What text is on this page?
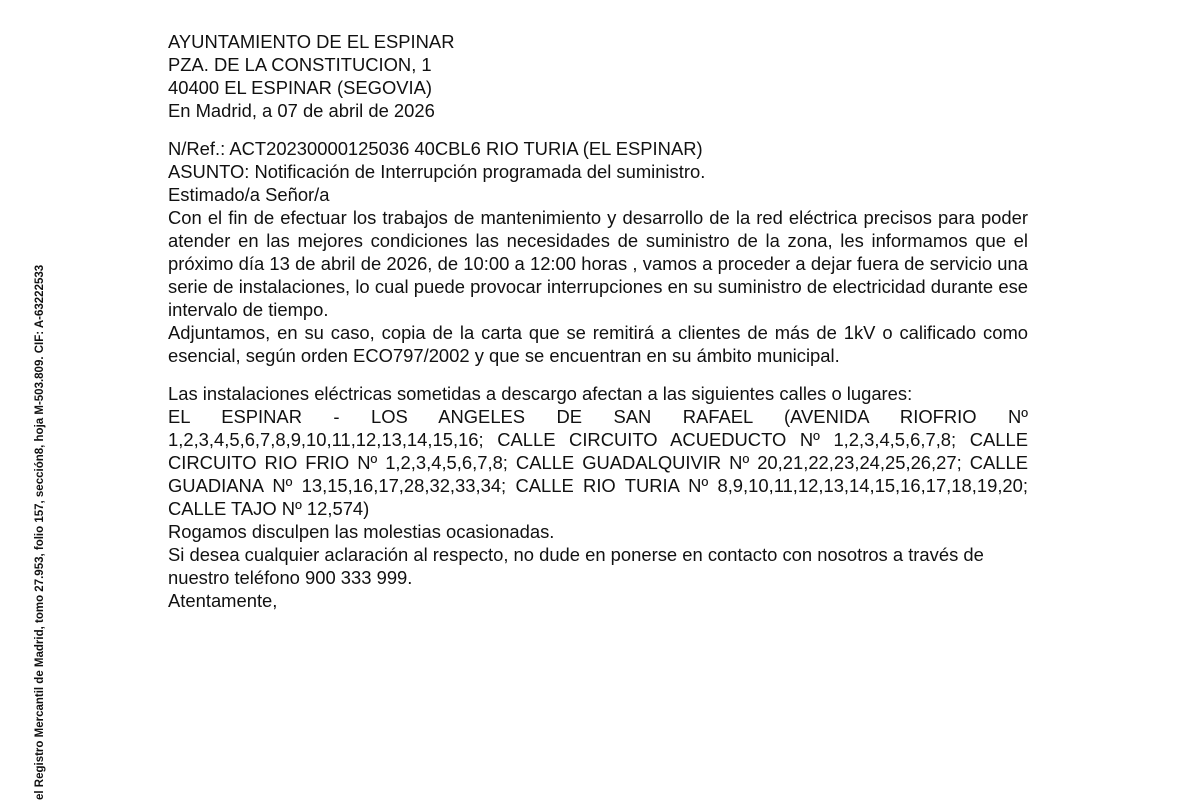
el Registro Mercantil de Madrid, tomo 27.953, folio 157, sección8, hoja M-503.809. CIF: A-63222533
AYUNTAMIENTO DE EL ESPINAR
PZA. DE LA CONSTITUCION, 1
40400 EL ESPINAR (SEGOVIA)

En Madrid, a 07 de abril de 2026

N/Ref.: ACT20230000125036 40CBL6 RIO TURIA (EL ESPINAR)

ASUNTO: Notificación de Interrupción programada del suministro.

Estimado/a Señor/a

Con el fin de efectuar los trabajos de mantenimiento y desarrollo de la red eléctrica precisos para poder atender en las mejores condiciones las necesidades de suministro de la zona, les informamos que el próximo día 13 de abril de 2026, de 10:00 a 12:00 horas , vamos a proceder a dejar fuera de servicio una serie de instalaciones, lo cual puede provocar interrupciones en su suministro de electricidad durante ese intervalo de tiempo.

Adjuntamos, en su caso, copia de la carta que se remitirá a clientes de más de 1kV o calificado como esencial, según orden ECO797/2002 y que se encuentran en su ámbito municipal.

Las instalaciones eléctricas sometidas a descargo afectan a las siguientes calles o lugares:

EL ESPINAR - LOS ANGELES DE SAN RAFAEL (AVENIDA RIOFRIO Nº 1,2,3,4,5,6,7,8,9,10,11,12,13,14,15,16; CALLE CIRCUITO ACUEDUCTO Nº 1,2,3,4,5,6,7,8; CALLE CIRCUITO RIO FRIO Nº 1,2,3,4,5,6,7,8; CALLE GUADALQUIVIR Nº 20,21,22,23,24,25,26,27; CALLE GUADIANA Nº 13,15,16,17,28,32,33,34; CALLE RIO TURIA Nº 8,9,10,11,12,13,14,15,16,17,18,19,20; CALLE TAJO Nº 12,574)

Rogamos disculpen las molestias ocasionadas.

Si desea cualquier aclaración al respecto, no dude en ponerse en contacto con nosotros a través de nuestro teléfono 900 333 999.

Atentamente,
